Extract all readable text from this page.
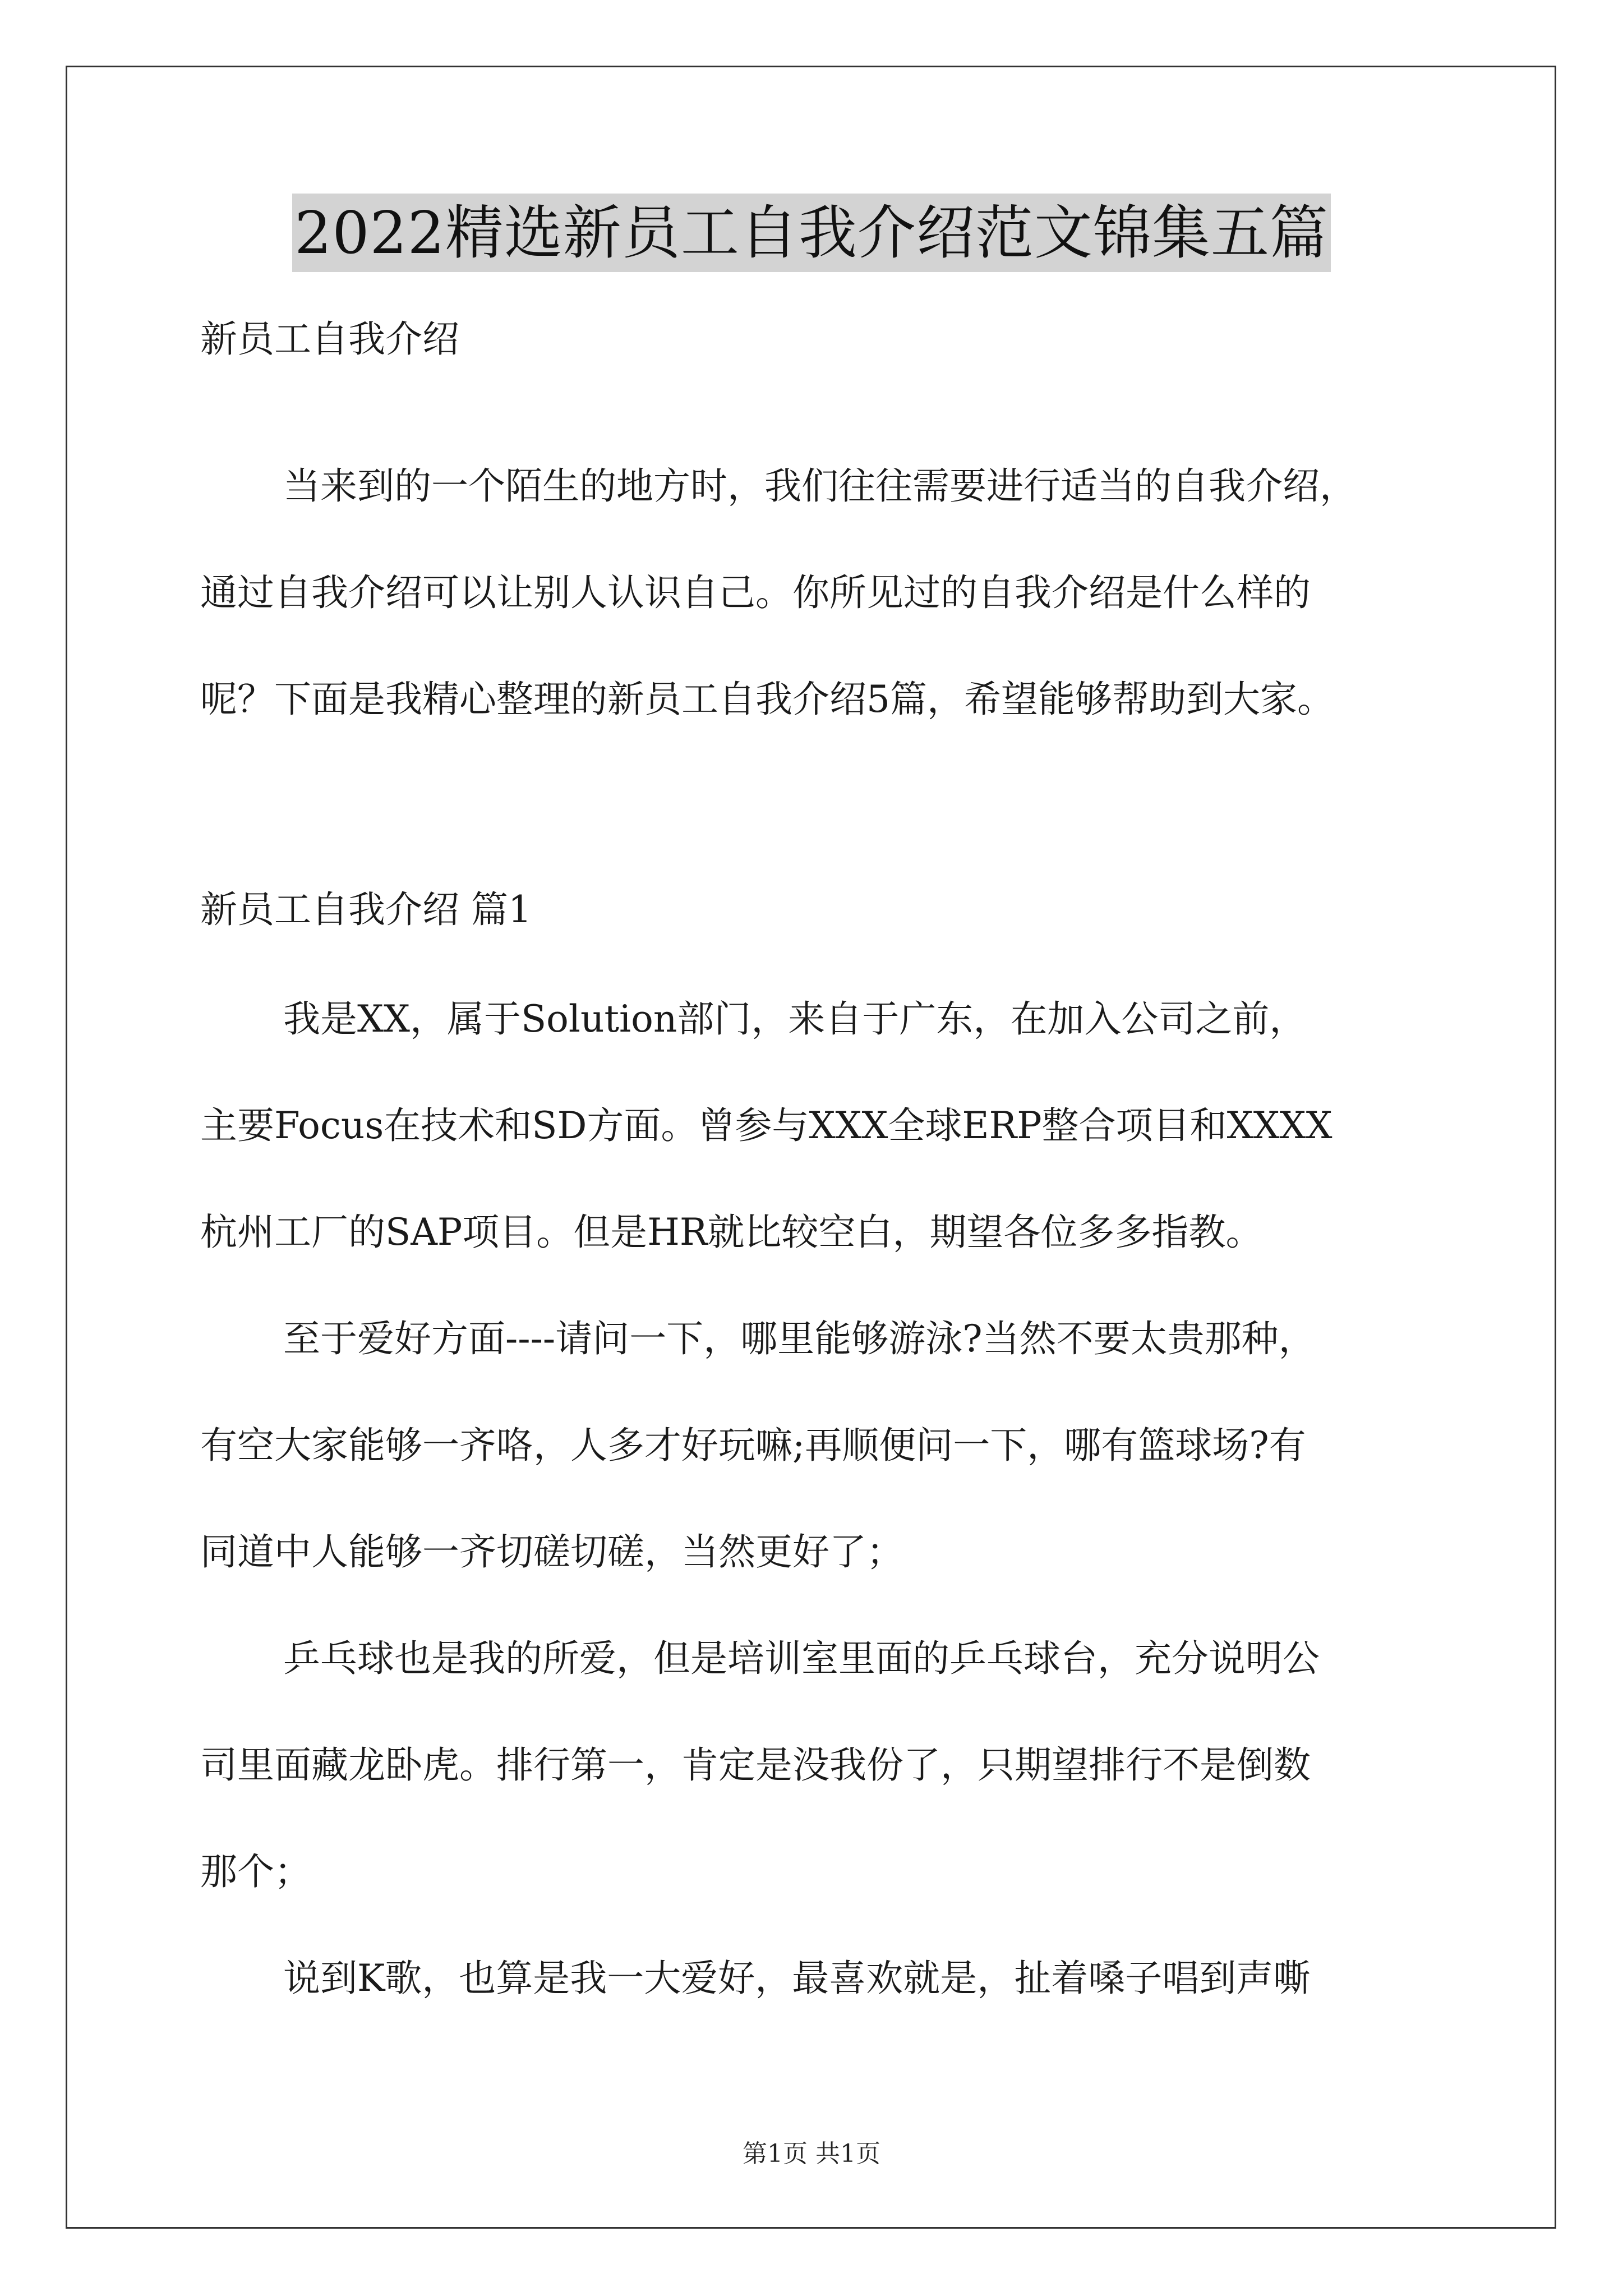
2022精选新员工自我介绍范文锦集五篇
新员工自我介绍
当来到的一个陌生的地方时，我们往往需要进行适当的自我介绍，
通过自我介绍可以让别人认识自己。你所见过的自我介绍是什么样的
呢？下面是我精心整理的新员工自我介绍5篇，希望能够帮助到大家。
新员工自我介绍 篇1
我是XX，属于Solution部门，来自于广东，在加入公司之前，
主要Focus在技术和SD方面。曾参与XXX全球ERP整合项目和XXXX
杭州工厂的SAP项目。但是HR就比较空白，期望各位多多指教。
至于爱好方面----请问一下，哪里能够游泳?当然不要太贵那种，
有空大家能够一齐咯，人多才好玩嘛;再顺便问一下，哪有篮球场?有
同道中人能够一齐切磋切磋，当然更好了；
乒乓球也是我的所爱，但是培训室里面的乒乓球台，充分说明公
司里面藏龙卧虎。排行第一，肯定是没我份了，只期望排行不是倒数
那个；
说到K歌，也算是我一大爱好，最喜欢就是，扯着嗓子唱到声嘶
第1页 共1页
